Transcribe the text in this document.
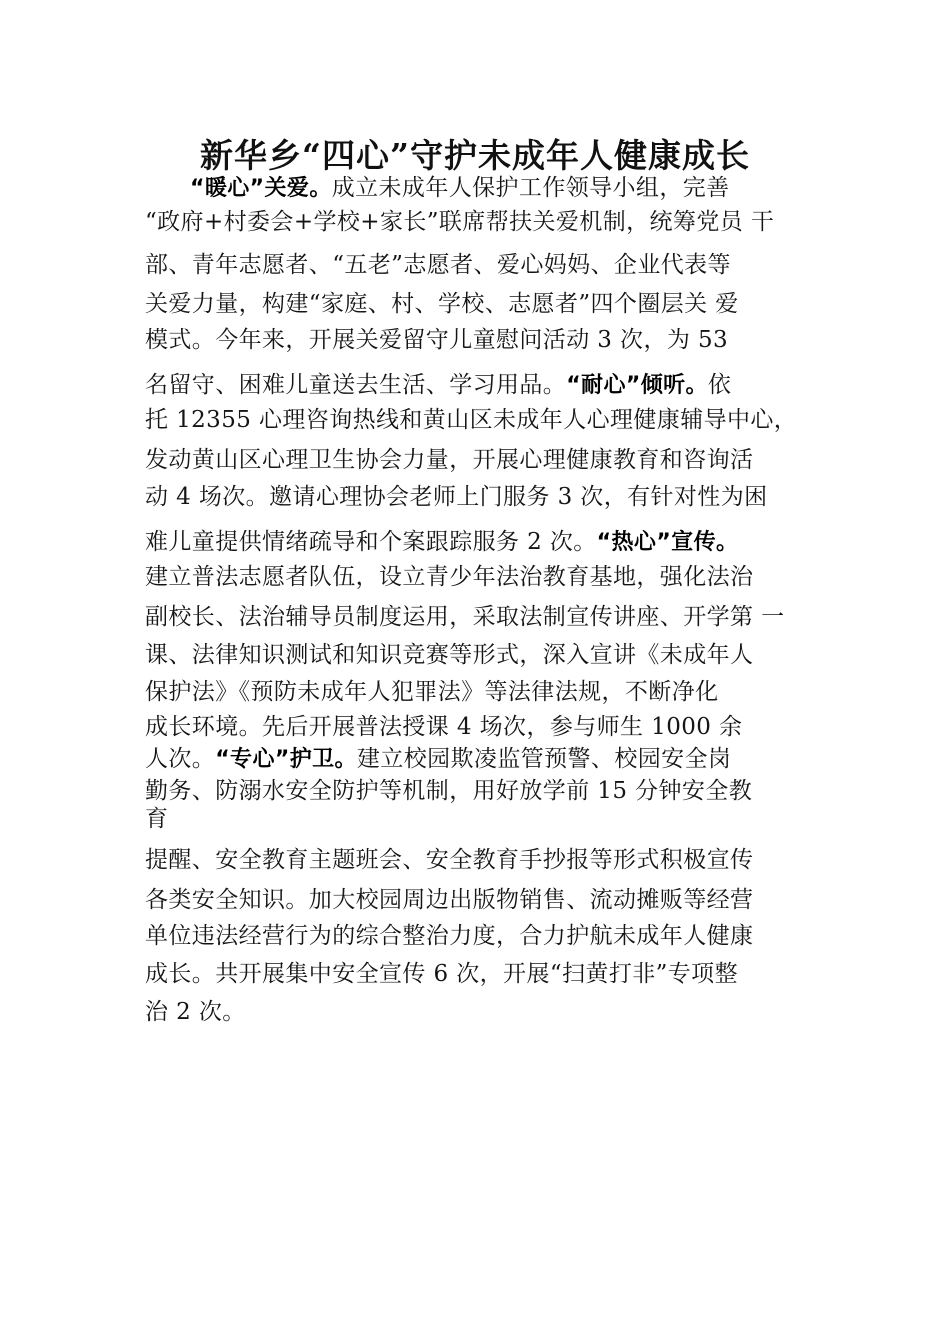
新华乡“四心”守护未成年人健康成长
“暖心”关爱。成立未成年人保护工作领导小组，完善
“政府+村委会+学校+家长”联席帮扶关爱机制，统筹党员 干
部、青年志愿者、“五老”志愿者、爱心妈妈、企业代表等
关爱力量，构建“家庭、村、学校、志愿者”四个圈层关 爱
模式。今年来，开展关爱留守儿童慰问活动 3 次，为 53
名留守、困难儿童送去生活、学习用品。“耐心”倾听。依
托 12355 心理咨询热线和黄山区未成年人心理健康辅导中心，
发动黄山区心理卫生协会力量，开展心理健康教育和咨询活
动 4 场次。邀请心理协会老师上门服务 3 次，有针对性为困
难儿童提供情绪疏导和个案跟踪服务 2 次。“热心”宣传。
建立普法志愿者队伍，设立青少年法治教育基地，强化法治
副校长、法治辅导员制度运用，采取法制宣传讲座、开学第 一
课、法律知识测试和知识竞赛等形式，深入宣讲《未成年人
保护法》《预防未成年人犯罪法》等法律法规，不断净化
成长环境。先后开展普法授课 4 场次，参与师生 1000 余
人次。“专心”护卫。建立校园欺凌监管预警、校园安全岗
勤务、防溺水安全防护等机制，用好放学前 15 分钟安全教
育
提醒、安全教育主题班会、安全教育手抄报等形式积极宣传
各类安全知识。加大校园周边出版物销售、流动摊贩等经营
单位违法经营行为的综合整治力度，合力护航未成年人健康
成长。共开展集中安全宣传 6 次，开展“扫黄打非”专项整
治 2 次。
